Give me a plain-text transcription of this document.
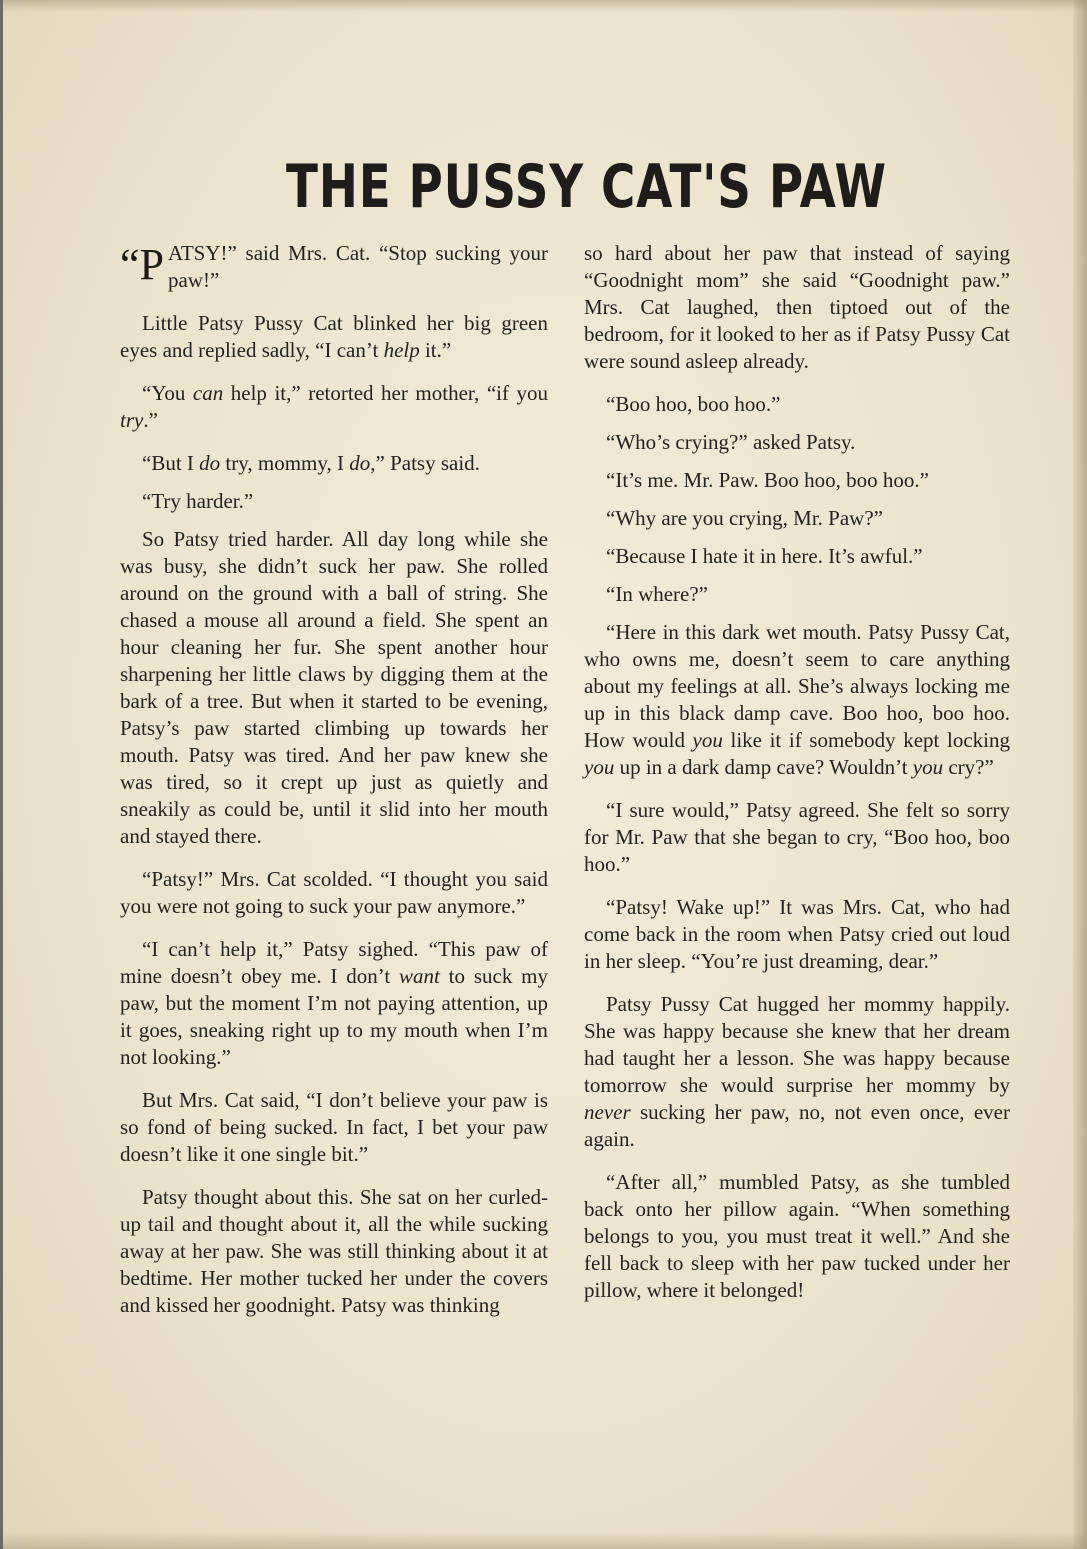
THE PUSSY CAT'S PAW

“P ATSY!” said Mrs. Cat. “Stop sucking your paw!”

Little Patsy Pussy Cat blinked her big green eyes and replied sadly, “I can’t help it.”

“You can help it,” retorted her mother, “if you try.”

“But I do try, mommy, I do,” Patsy said.

“Try harder.”

So Patsy tried harder. All day long while she was busy, she didn’t suck her paw. She rolled around on the ground with a ball of string. She chased a mouse all around a field. She spent an hour cleaning her fur. She spent another hour sharpening her little claws by digging them at the bark of a tree. But when it started to be evening, Patsy’s paw started climbing up towards her mouth. Patsy was tired. And her paw knew she was tired, so it crept up just as quietly and sneakily as could be, until it slid into her mouth and stayed there.

“Patsy!” Mrs. Cat scolded. “I thought you said you were not going to suck your paw anymore.”

“I can’t help it,” Patsy sighed. “This paw of mine doesn’t obey me. I don’t want to suck my paw, but the moment I’m not paying attention, up it goes, sneaking right up to my mouth when I’m not looking.”

But Mrs. Cat said, “I don’t believe your paw is so fond of being sucked. In fact, I bet your paw doesn’t like it one single bit.”

Patsy thought about this. She sat on her curled-up tail and thought about it, all the while sucking away at her paw. She was still thinking about it at bedtime. Her mother tucked her under the covers and kissed her goodnight. Patsy was thinking

so hard about her paw that instead of saying “Goodnight mom” she said “Goodnight paw.” Mrs. Cat laughed, then tiptoed out of the bedroom, for it looked to her as if Patsy Pussy Cat were sound asleep already.

“Boo hoo, boo hoo.”

“Who’s crying?” asked Patsy.

“It’s me. Mr. Paw. Boo hoo, boo hoo.”

“Why are you crying, Mr. Paw?”

“Because I hate it in here. It’s awful.”

“In where?”

“Here in this dark wet mouth. Patsy Pussy Cat, who owns me, doesn’t seem to care anything about my feelings at all. She’s always locking me up in this black damp cave. Boo hoo, boo hoo. How would you like it if somebody kept locking you up in a dark damp cave? Wouldn’t you cry?”

“I sure would,” Patsy agreed. She felt so sorry for Mr. Paw that she began to cry, “Boo hoo, boo hoo.”

“Patsy! Wake up!” It was Mrs. Cat, who had come back in the room when Patsy cried out loud in her sleep. “You’re just dreaming, dear.”

Patsy Pussy Cat hugged her mommy happily. She was happy because she knew that her dream had taught her a lesson. She was happy because tomorrow she would surprise her mommy by never sucking her paw, no, not even once, ever again.

“After all,” mumbled Patsy, as she tumbled back onto her pillow again. “When something belongs to you, you must treat it well.” And she fell back to sleep with her paw tucked under her pillow, where it belonged!
